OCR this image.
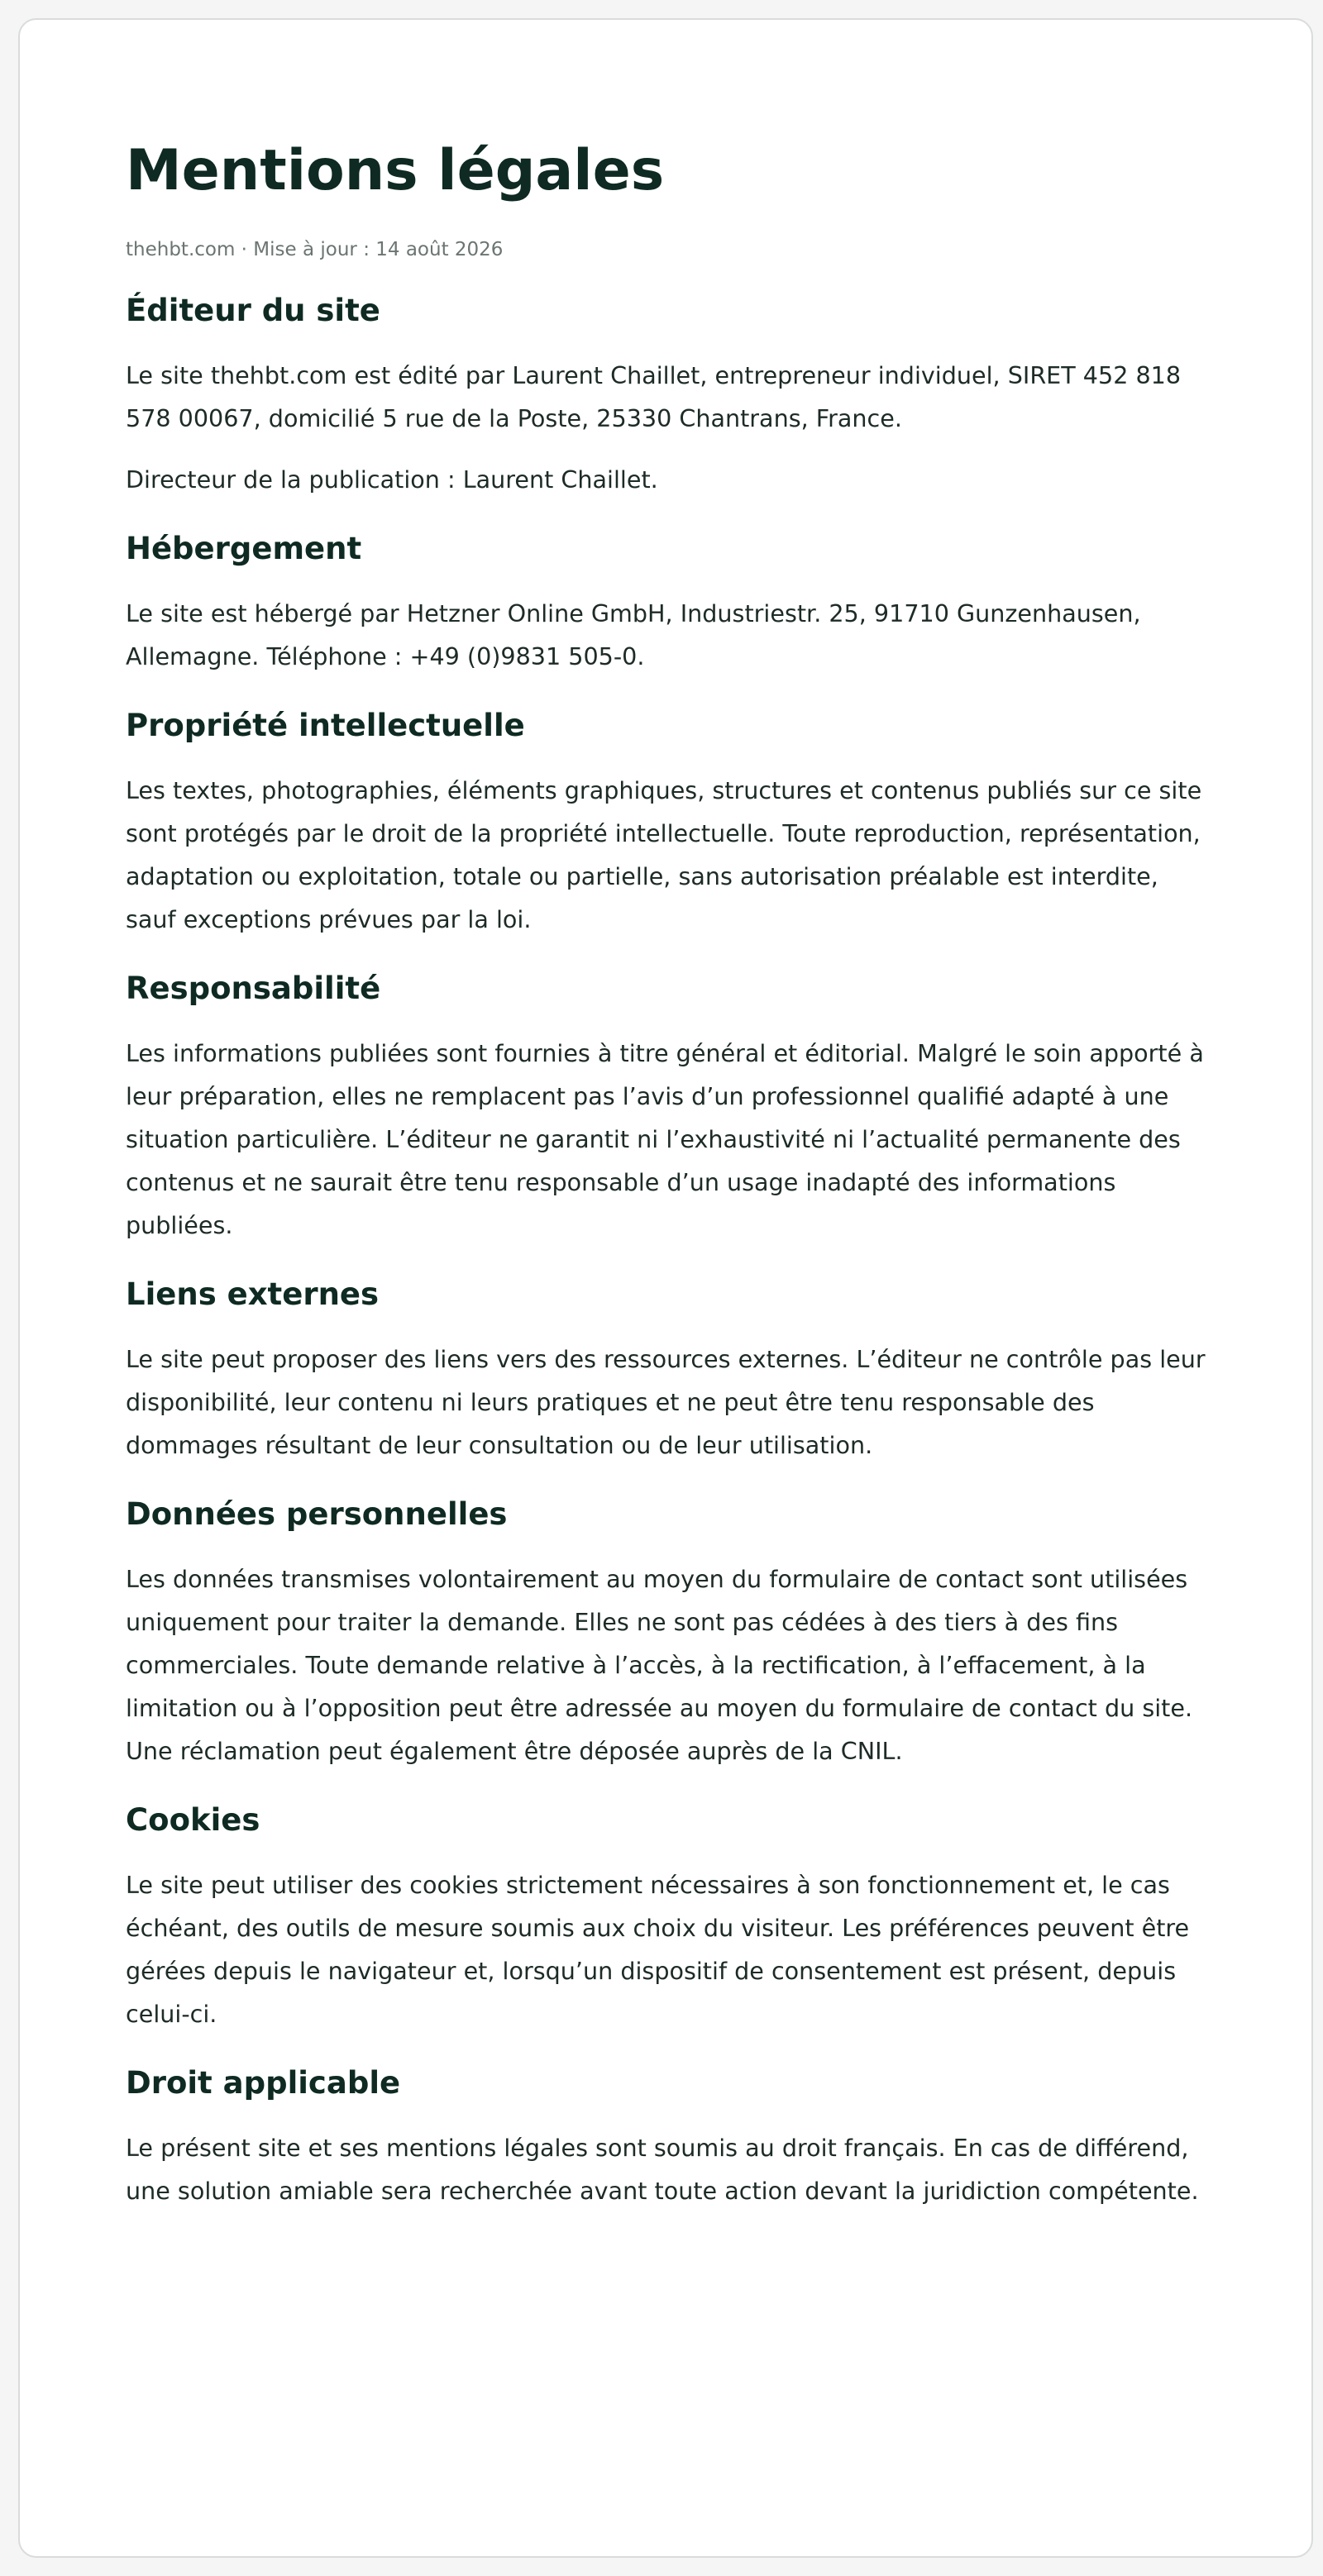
Mentions légales
thehbt.com · Mise à jour : 14 août 2026
Éditeur du site

Le site thehbt.com est édité par Laurent Chaillet, entrepreneur individuel, SIRET 452 818 578 00067, domicilié 5 rue de la Poste, 25330 Chantrans, France.

Directeur de la publication : Laurent Chaillet.

Hébergement

Le site est hébergé par Hetzner Online GmbH, Industriestr. 25, 91710 Gunzenhausen, Allemagne. Téléphone : +49 (0)9831 505-0.

Propriété intellectuelle

Les textes, photographies, éléments graphiques, structures et contenus publiés sur ce site sont protégés par le droit de la propriété intellectuelle. Toute reproduction, représentation, adaptation ou exploitation, totale ou partielle, sans autorisation préalable est interdite, sauf exceptions prévues par la loi.

Responsabilité

Les informations publiées sont fournies à titre général et éditorial. Malgré le soin apporté à leur préparation, elles ne remplacent pas l’avis d’un professionnel qualifié adapté à une situation particulière. L’éditeur ne garantit ni l’exhaustivité ni l’actualité permanente des contenus et ne saurait être tenu responsable d’un usage inadapté des informations publiées.

Liens externes

Le site peut proposer des liens vers des ressources externes. L’éditeur ne contrôle pas leur disponibilité, leur contenu ni leurs pratiques et ne peut être tenu responsable des dommages résultant de leur consultation ou de leur utilisation.

Données personnelles

Les données transmises volontairement au moyen du formulaire de contact sont utilisées uniquement pour traiter la demande. Elles ne sont pas cédées à des tiers à des fins commerciales. Toute demande relative à l’accès, à la rectification, à l’effacement, à la limitation ou à l’opposition peut être adressée au moyen du formulaire de contact du site. Une réclamation peut également être déposée auprès de la CNIL.

Cookies

Le site peut utiliser des cookies strictement nécessaires à son fonctionnement et, le cas échéant, des outils de mesure soumis aux choix du visiteur. Les préférences peuvent être gérées depuis le navigateur et, lorsqu’un dispositif de consentement est présent, depuis celui-ci.

Droit applicable

Le présent site et ses mentions légales sont soumis au droit français. En cas de différend, une solution amiable sera recherchée avant toute action devant la juridiction compétente.
